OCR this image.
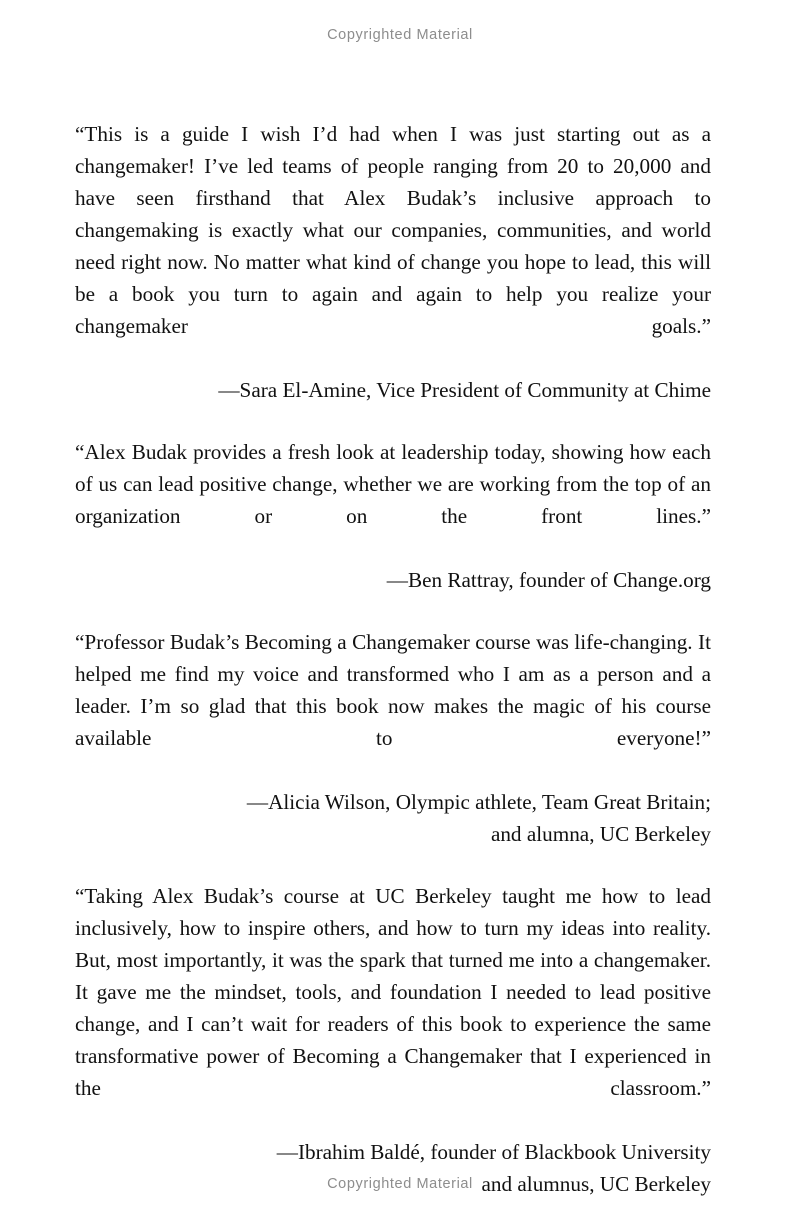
Copyrighted Material

“This is a guide I wish I’d had when I was just starting out as a changemaker! I’ve led teams of people ranging from 20 to 20,000 and have seen firsthand that Alex Budak’s inclusive approach to changemaking is exactly what our companies, communities, and world need right now. No matter what kind of change you hope to lead, this will be a book you turn to again and again to help you realize your changemaker goals.”

—Sara El-Amine, Vice President of Community at Chime

“Alex Budak provides a fresh look at leadership today, showing how each of us can lead positive change, whether we are working from the top of an organization or on the front lines.”

—Ben Rattray, founder of Change.org

“Professor Budak’s Becoming a Changemaker course was life-changing. It helped me find my voice and transformed who I am as a person and a leader. I’m so glad that this book now makes the magic of his course available to everyone!”

—Alicia Wilson, Olympic athlete, Team Great Britain;
and alumna, UC Berkeley

“Taking Alex Budak’s course at UC Berkeley taught me how to lead inclusively, how to inspire others, and how to turn my ideas into reality. But, most importantly, it was the spark that turned me into a changemaker. It gave me the mindset, tools, and foundation I needed to lead positive change, and I can’t wait for readers of this book to experience the same transformative power of Becoming a Changemaker that I experienced in the classroom.”

—Ibrahim Baldé, founder of Blackbook University
and alumnus, UC Berkeley

Copyrighted Material
